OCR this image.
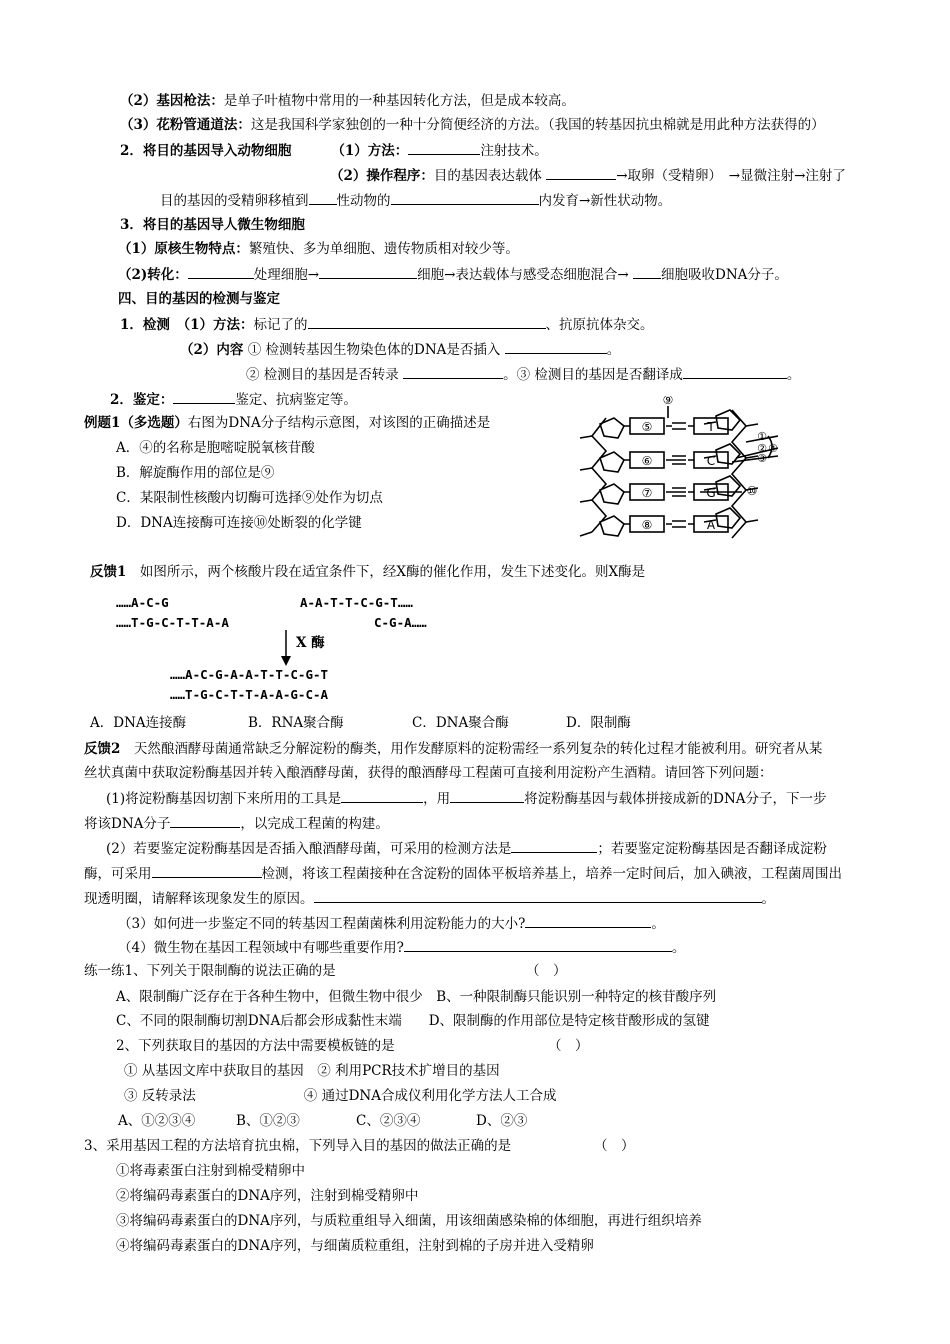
（2）基因枪法：是单子叶植物中常用的一种基因转化方法，但是成本较高。
（3）花粉管通道法：这是我国科学家独创的一种十分简便经济的方法。（我国的转基因抗虫棉就是用此种方法获得的）
2．将目的基因导入动物细胞	（1）方法：	注射技术。
（2）操作程序：目的基因表达载体	→取卵（受精卵）　→显微注射→注射了
目的基因的受精卵移植到 性动物的	内发育→新性状动物。
3．将目的基因导人微生物细胞
（1）原核生物特点：繁殖快、多为单细胞、遗传物质相对较少等。
（2)转化：	处理细胞→	细胞→表达载体与感受态细胞混合→ 细胞吸收DNA分子。
四、目的基因的检测与鉴定
1．检测　（1）方法：标记了的	、抗原抗体杂交。
（2）内容 ① 检测转基因生物染色体的DNA是否插入	。
② 检测目的基因是否转录	。③ 检测目的基因是否翻译成	。
2．鉴定：	鉴定、抗病鉴定等。
例题1（多选题）右图为DNA分子结构示意图，对该图的正确描述是
A．④的名称是胞嘧啶脱氧核苷酸
B．解旋酶作用的部位是⑨
C．某限制性核酸内切酶可选择⑨处作为切点
D．DNA连接酶可连接⑩处断裂的化学键
⑨
⑤	T
⑥	C
⑦	G
⑧	A
①
②
③
④
⑩
反馈1　 如图所示，两个核酸片段在适宜条件下，经X酶的催化作用，发生下述变化。则X酶是
……A-C-G
……T-G-C-T-T-A-A
A-A-T-T-C-G-T……
C-G-A……
X 酶
……A-C-G-A-A-T-T-C-G-T
……T-G-C-T-T-A-A-G-C-A
A．DNA连接酶	B．RNA聚合酶	C．DNA聚合酶	D．限制酶
反馈2　 天然酿酒酵母菌通常缺乏分解淀粉的酶类，用作发酵原料的淀粉需经一系列复杂的转化过程才能被利用。研究者从某
丝状真菌中获取淀粉酶基因并转入酿酒酵母菌，获得的酿酒酵母工程菌可直接利用淀粉产生酒精。请回答下列问题：
(1)将淀粉酶基因切割下来所用的工具是	，用	将淀粉酶基因与载体拼接成新的DNA分子，下一步
将该DNA分子	，以完成工程菌的构建。
(2）若要鉴定淀粉酶基因是否插入酿酒酵母菌，可采用的检测方法是	；若要鉴定淀粉酶基因是否翻译成淀粉
酶，可采用	检测，将该工程菌接种在含淀粉的固体平板培养基上，培养一定时间后，加入碘液，工程菌周围出
现透明圈，请解释该现象发生的原因。	。
（3）如何进一步鉴定不同的转基因工程菌菌株利用淀粉能力的大小?	。
（4）微生物在基因工程领域中有哪些重要作用?	。
练一练1、下列关于限制酶的说法正确的是	（　）
A、限制酶广泛存在于各种生物中，但微生物中很少　B、一种限制酶只能识别一种特定的核苷酸序列
C、不同的限制酶切割DNA后都会形成黏性末端　　D、限制酶的作用部位是特定核苷酸形成的氢键
2、下列获取目的基因的方法中需要模板链的是	（　）
① 从基因文库中获取目的基因　② 利用PCR技术扩增目的基因
③ 反转录法　　　　　　　　④ 通过DNA合成仪利用化学方法人工合成
A、①②③④	B、①②③	C、②③④	D、②③
3、采用基因工程的方法培育抗虫棉，下列导入目的基因的做法正确的是	（　）
①将毒素蛋白注射到棉受精卵中
②将编码毒素蛋白的DNA序列，注射到棉受精卵中
③将编码毒素蛋白的DNA序列，与质粒重组导入细菌，用该细菌感染棉的体细胞，再进行组织培养
④将编码毒素蛋白的DNA序列，与细菌质粒重组，注射到棉的子房并进入受精卵
